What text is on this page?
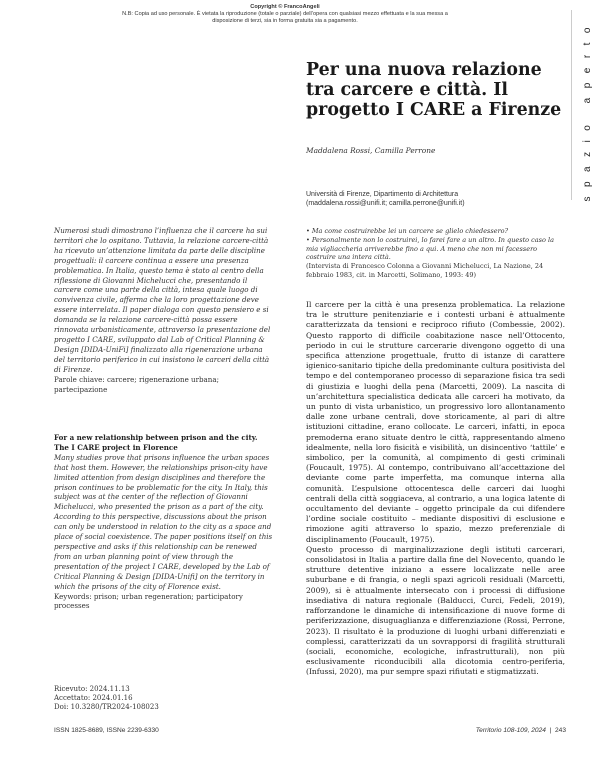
Copyright © FrancoAngeli
N.B: Copia ad uso personale. È vietata la riproduzione (totale o parziale) dell’opera con qualsiasi mezzo effettuata e la sua messa a disposizione di terzi, sia in forma gratuita sia a pagamento.	spazio aperto
Per una nuova relazione tra carcere e città. Il progetto I CARE a Firenze
Maddalena Rossi, Camilla Perrone
Università di Firenze, Dipartimento di Architettura
(maddalena.rossi@unifi.it; camilla.perrone@unifi.it)
• Ma come costruirebbe lei un carcere se glielo chiedessero?
• Personalmente non lo costruirei, lo farei fare a un altro. In questo caso la mia vigliaccheria arriverebbe fino a qui. A meno che non mi facessero costruire una intera città.
(Intervista di Francesco Colonna a Giovanni Michelucci, La Nazione, 24 febbraio 1983, cit. in Marcetti, Solimano, 1993: 49)
Numerosi studi dimostrano l’influenza che il carcere ha sui territori che lo ospitano. Tuttavia, la relazione carcere-città ha ricevuto un’attenzione limitata da parte delle discipline progettuali: il carcere continua a essere una presenza problematica. In Italia, questo tema è stato al centro della riflessione di Giovanni Michelucci che, presentando il carcere come una parte della città, intesa quale luogo di convivenza civile, afferma che la loro progettazione deve essere interrelata. Il paper dialoga con questo pensiero e si domanda se la relazione carcere-città possa essere rinnovata urbanisticamente, attraverso la presentazione del progetto I CARE, sviluppato dal Lab of Critical Planning & Design [DIDA-UniFi] finalizzato alla rigenerazione urbana del territorio periferico in cui insistono le carceri della città di Firenze.
Parole chiave: carcere; rigenerazione urbana; partecipazione
For a new relationship between prison and the city. The I CARE project in Florence
Many studies prove that prisons influence the urban spaces that host them. However, the relationships prison-city have limited attention from design disciplines and therefore the prison continues to be problematic for the city. In Italy, this subject was at the center of the reflection of Giovanni Michelucci, who presented the prison as a part of the city. According to this perspective, discussions about the prison can only be understood in relation to the city as a space and place of social coexistence. The paper positions itself on this perspective and asks if this relationship can be renewed from an urban planning point of view through the presentation of the project I CARE, developed by the Lab of Critical Planning & Design [DIDA-Unifi] on the territory in which the prisons of the city of Florence exist.
Keywords: prison; urban regeneration; participatory processes
Ricevuto: 2024.11.13
Accettato: 2024.01.16
Doi: 10.3280/TR2024-108023

Il carcere per la città è una presenza problematica. La relazione tra le strutture penitenziarie e i contesti urbani è attualmente caratterizzata da tensioni e reciproco rifiuto (Combessie, 2002). Questo rapporto di difficile coabitazione nasce nell’Ottocento, periodo in cui le strutture carcerarie divengono oggetto di una specifica attenzione progettuale, frutto di istanze di carattere igienico-sanitario tipiche della predominante cultura positivista del tempo e del contemporaneo processo di separazione fisica tra sedi di giustizia e luoghi della pena (Marcetti, 2009). La nascita di un’architettura specialistica dedicata alle carceri ha motivato, da un punto di vista urbanistico, un progressivo loro allontanamento dalle zone urbane centrali, dove storicamente, al pari di altre istituzioni cittadine, erano collocate. Le carceri, infatti, in epoca premoderna erano situate dentro le città, rappresentando almeno idealmente, nella loro fisicità e visibilità, un disincentivo ‘tattile’ e simbolico, per la comunità, al compimento di gesti criminali (Foucault, 1975). Al contempo, contribuivano all’accettazione del deviante come parte imperfetta, ma comunque interna alla comunità. L’espulsione ottocentesca delle carceri dai luoghi centrali della città soggiaceva, al contrario, a una logica latente di occultamento del deviante – oggetto principale da cui difendere l’ordine sociale costituito – mediante dispositivi di esclusione e rimozione agiti attraverso lo spazio, mezzo preferenziale di disciplinamento (Foucault, 1975).

Questo processo di marginalizzazione degli istituti carcerari, consolidatosi in Italia a partire dalla fine del Novecento, quando le strutture detentive iniziano a essere localizzate nelle aree suburbane e di frangia, o negli spazi agricoli residuali (Marcetti, 2009), si è attualmente intersecato con i processi di diffusione insediativa di natura regionale (Balducci, Curci, Fedeli, 2019), rafforzandone le dinamiche di intensificazione di nuove forme di periferizzazione, disuguaglianza e differenziazione (Rossi, Perrone, 2023). Il risultato è la produzione di luoghi urbani differenziati e complessi, caratterizzati da un sovrapporsi di fragilità strutturali (sociali, economiche, ecologiche, infrastrutturali), non più esclusivamente riconducibili alla dicotomia centro-periferia, (Infussi, 2020), ma pur sempre spazi rifiutati e stigmatizzati.

ISSN 1825-8689, ISSNe 2239-6330	Territorio 108-109, 2024  |  243
